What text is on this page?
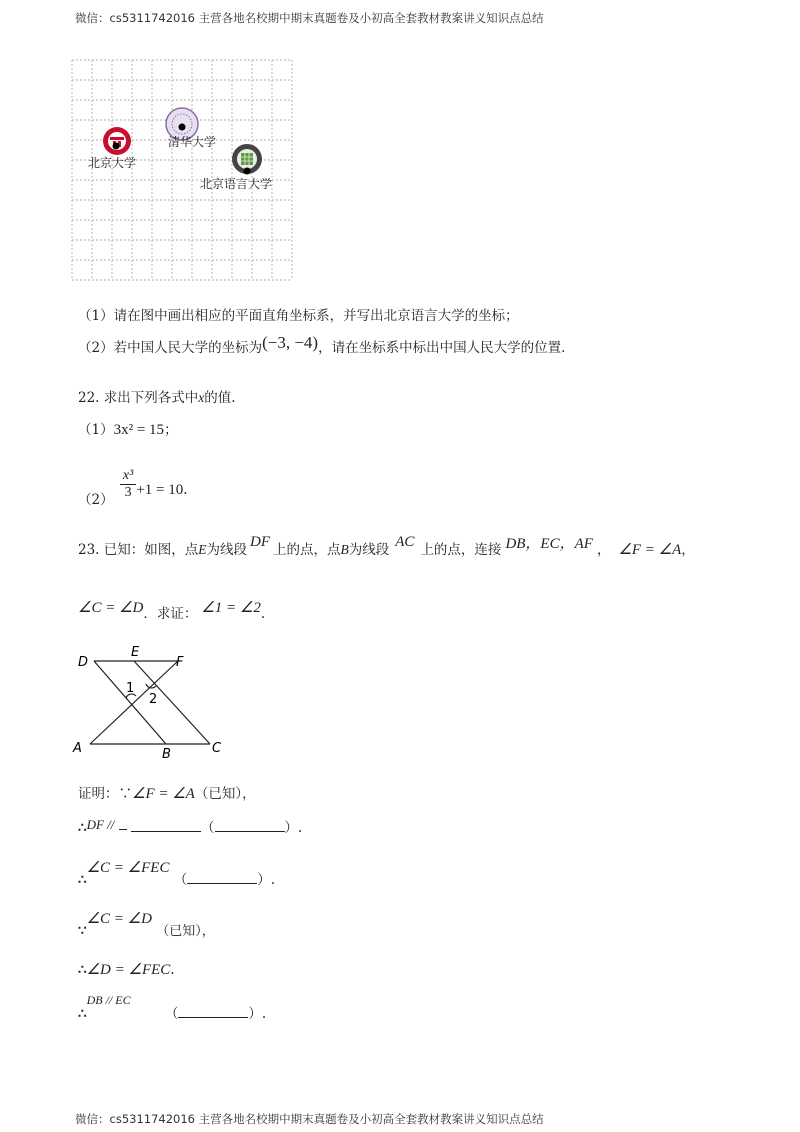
微信：cs5311742016 主营各地名校期中期末真题卷及小初高全套教材教案讲义知识点总结
北京大学
清华大学
北京语言大学
（1）请在图中画出相应的平面直角坐标系，并写出北京语言大学的坐标；
（2）若中国人民大学的坐标为(−3, −4)，请在坐标系中标出中国人民大学的位置.
22. 求出下列各式中x的值.
（1）3x² = 15；
$(2) \frac{\text{x³}}{3} +1 = 10$.
23. 已知：如图，点E为线段 DF 上的点，点B为线段 AC 上的点，连接 DB，EC，AF ， ∠F = ∠A，
∠C = ∠D．求证： ∠1 = ∠2.
D
E
F
A	B	C
1
2
证明：∵∠F = ∠A（已知），
∴DF //	（	）.
∴∠C = ∠FEC （	）.
∵∠C = ∠D （已知），
∴∠D = ∠FEC.
∴DB // EC （	）.
微信：cs5311742016 主营各地名校期中期末真题卷及小初高全套教材教案讲义知识点总结
